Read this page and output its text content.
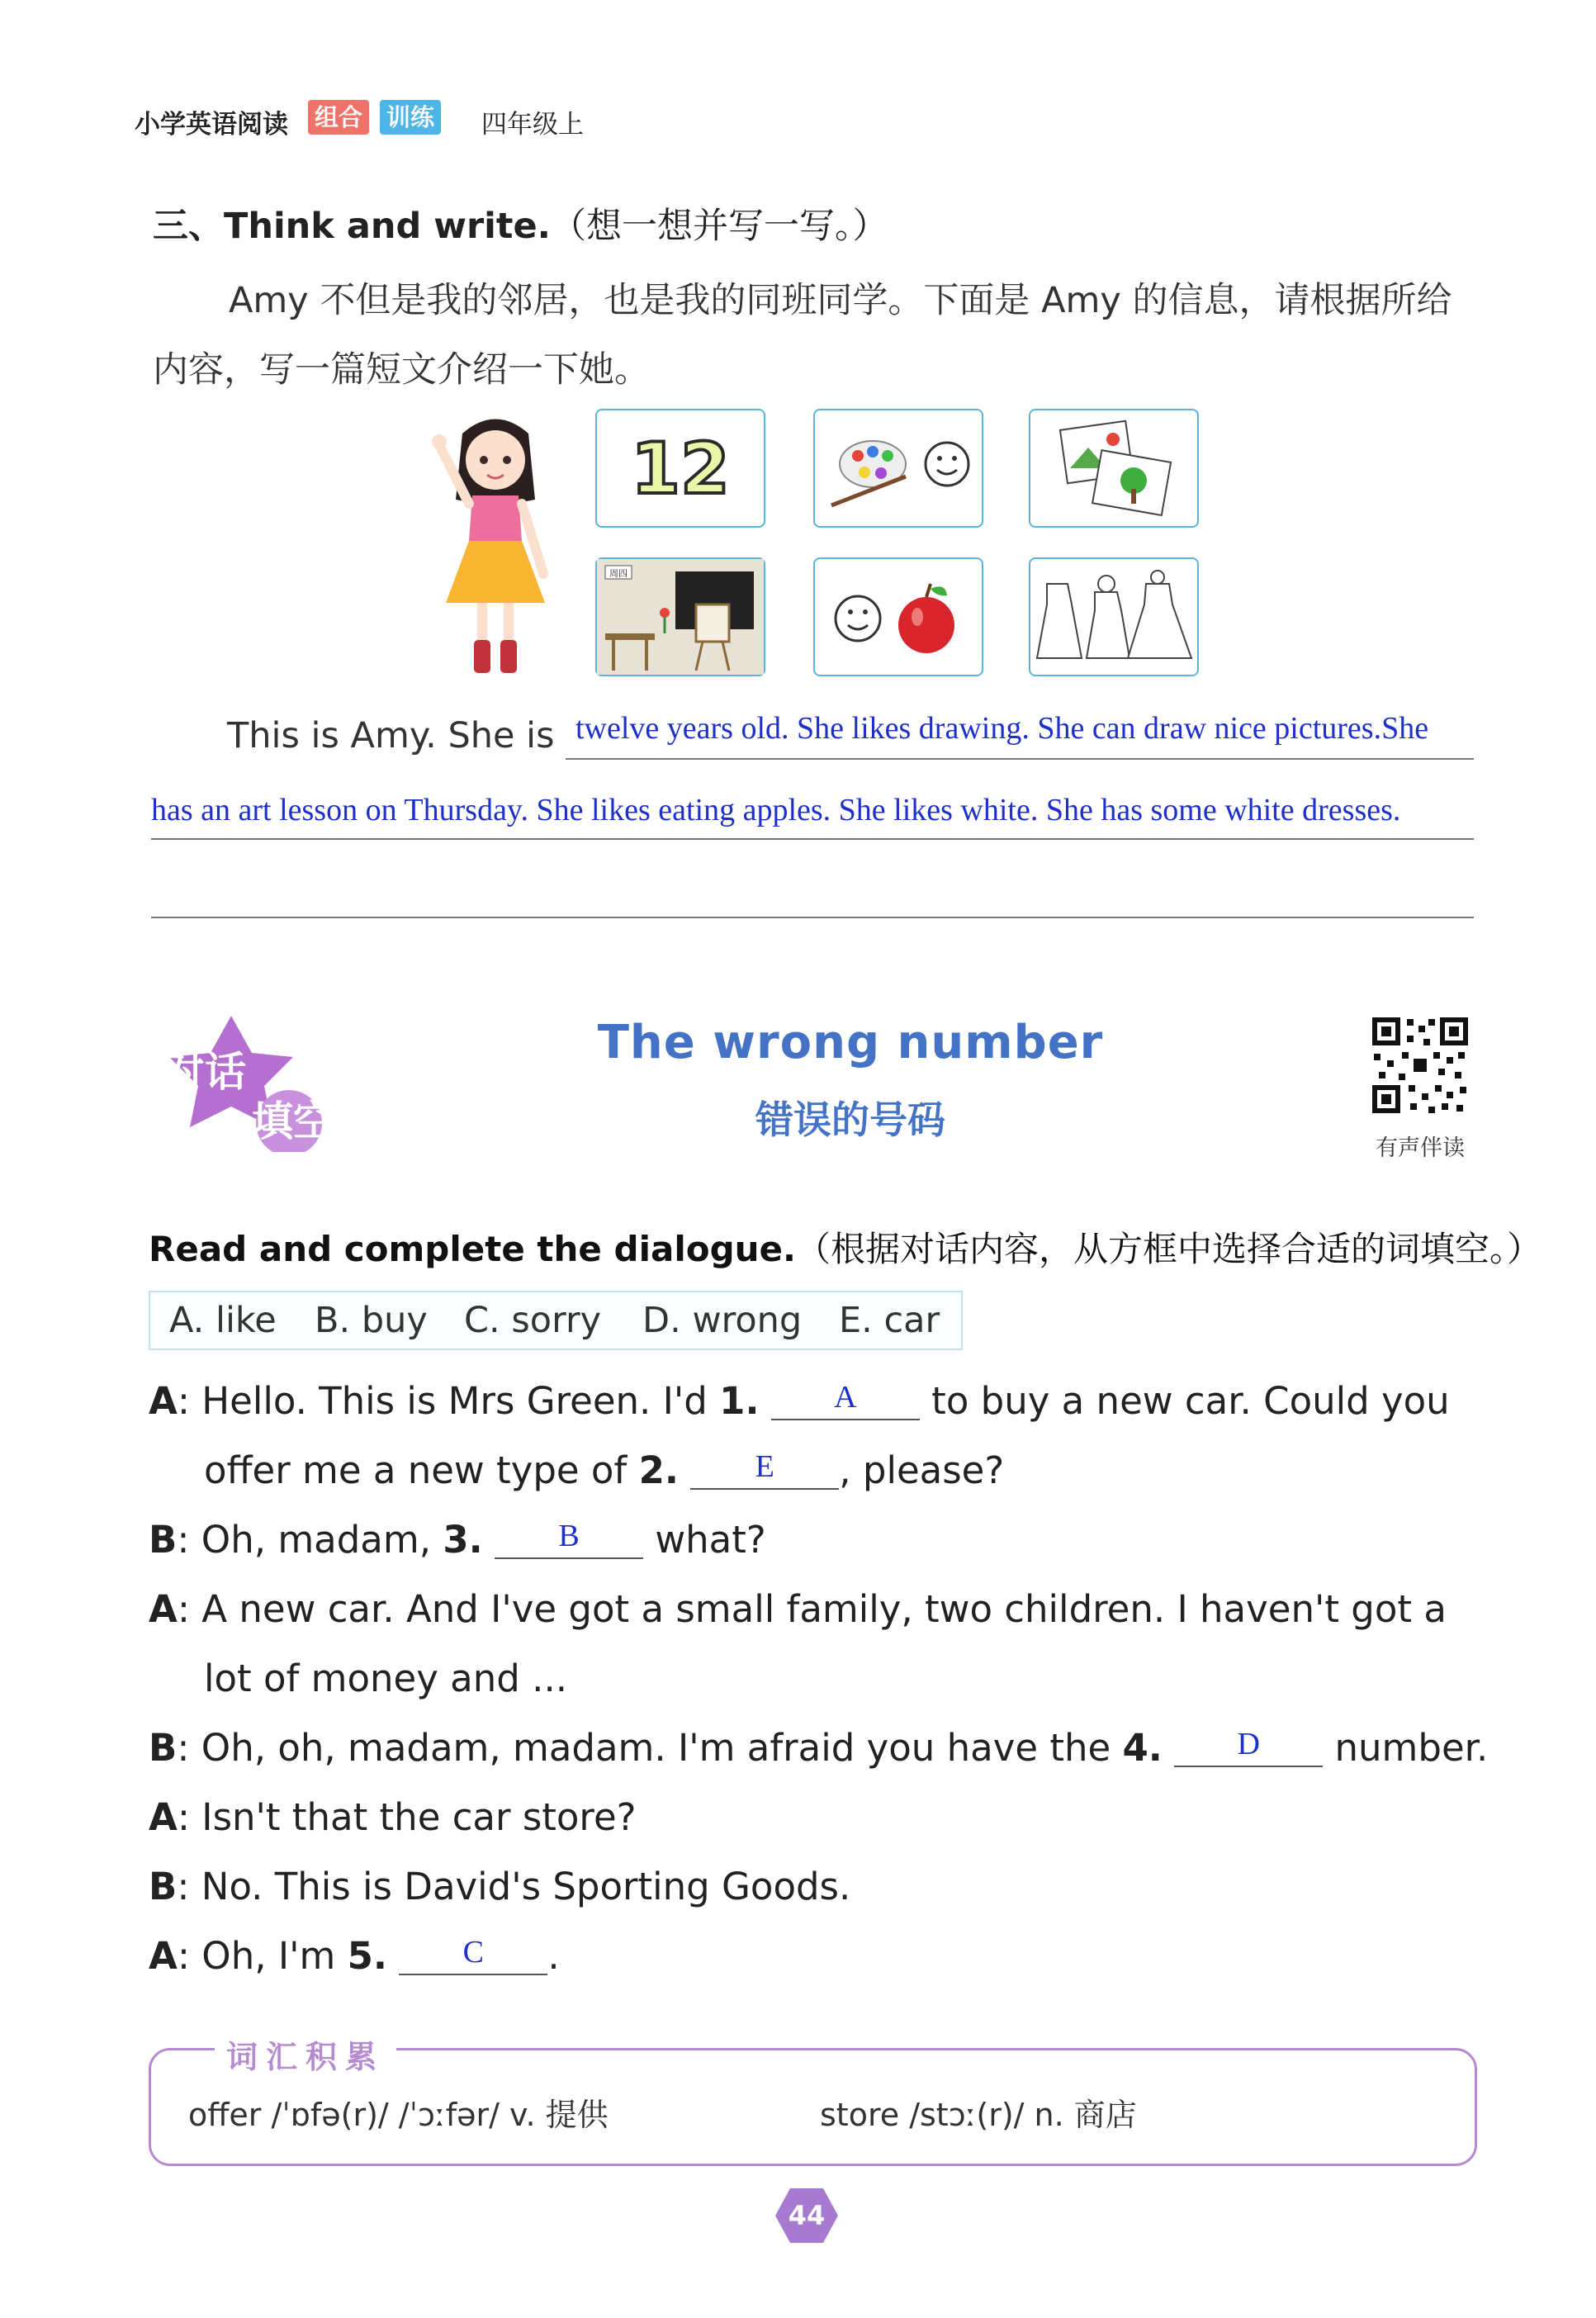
小学英语阅读 组合 训练 四年级上
三、Think and write.（想一想并写一写。）
Amy 不但是我的邻居，也是我的同班同学。下面是 Amy 的信息，请根据所给内容，写一篇短文介绍一下她。
12
周四
This is Amy. She is twelve years old. She likes drawing. She can draw nice pictures.She
has an art lesson on Thursday. She likes eating apples. She likes white. She has some white dresses.
对话
填空
The wrong number
错误的号码
有声伴读
Read and complete the dialogue.（根据对话内容，从方框中选择合适的词填空。）
A. like B. buy C. sorry D. wrong E. car
A: Hello. This is Mrs Green. I'd 1. A to buy a new car. Could you
offer me a new type of 2. E , please?
B: Oh, madam, 3. B what?
A: A new car. And I've got a small family, two children. I haven't got a
lot of money and ...
B: Oh, oh, madam, madam. I'm afraid you have the 4. D number.
A: Isn't that the car store?
B: No. This is David's Sporting Goods.
A: Oh, I'm 5. C .
词汇积累
offer /ˈɒfə(r)/ /ˈɔːfər/ v. 提供	store /stɔː(r)/ n. 商店
44
